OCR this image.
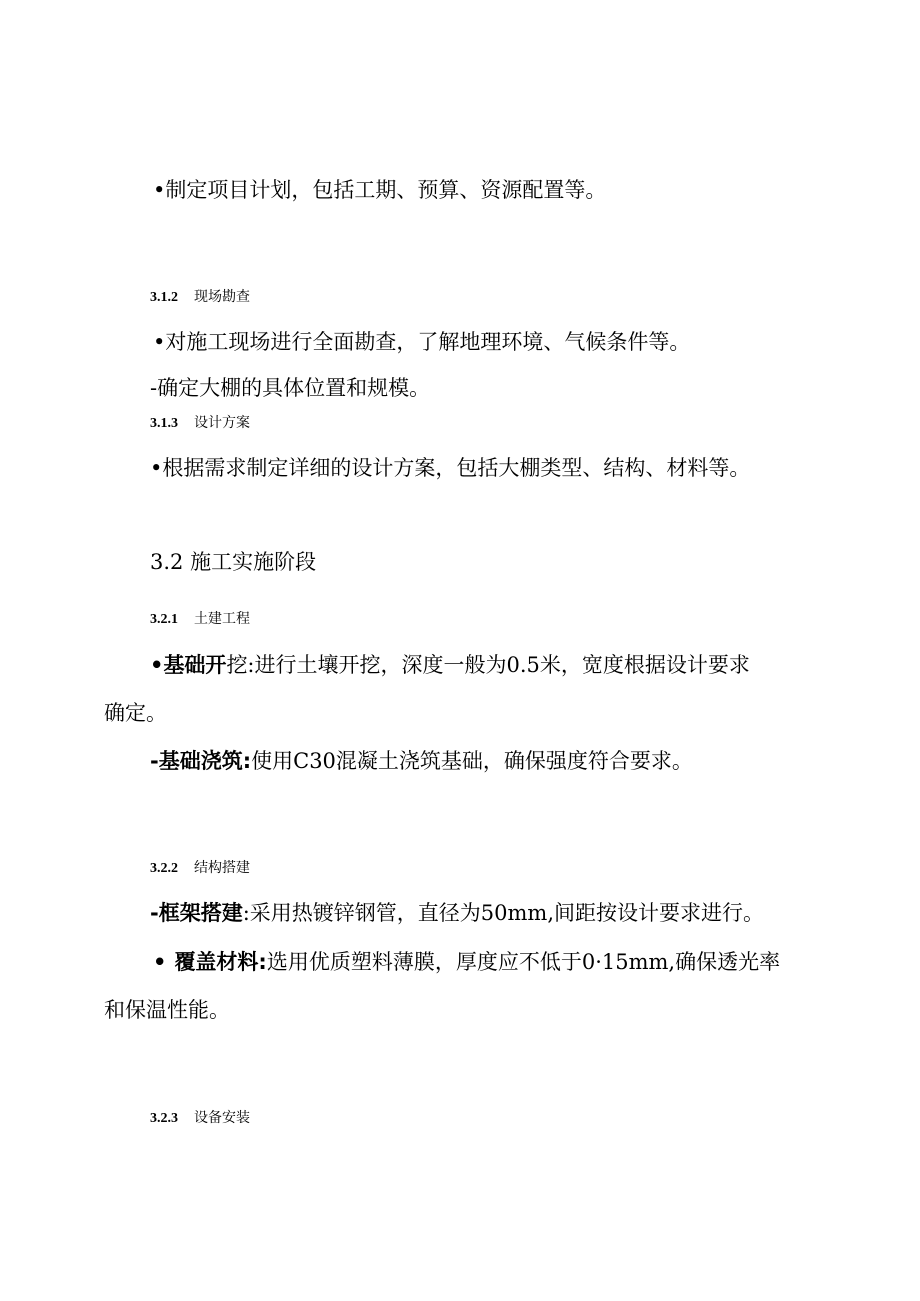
•制定项目计划，包括工期、预算、资源配置等。
3.1.2 现场勘查
•对施工现场进行全面勘查，了解地理环境、气候条件等。
-确定大棚的具体位置和规模。
3.1.3 设计方案
•根据需求制定详细的设计方案，包括大棚类型、结构、材料等。
3.2 施工实施阶段
3.2.1 土建工程
•基础开挖:进行土壤开挖，深度一般为0.5米，宽度根据设计要求
确定。
-基础浇筑:使用C30混凝土浇筑基础，确保强度符合要求。
3.2.2 结构搭建
-框架搭建:采用热镀锌钢管，直径为50mm,间距按设计要求进行。
• 覆盖材料:选用优质塑料薄膜，厚度应不低于0·15mm,确保透光率
和保温性能。
3.2.3 设备安装
